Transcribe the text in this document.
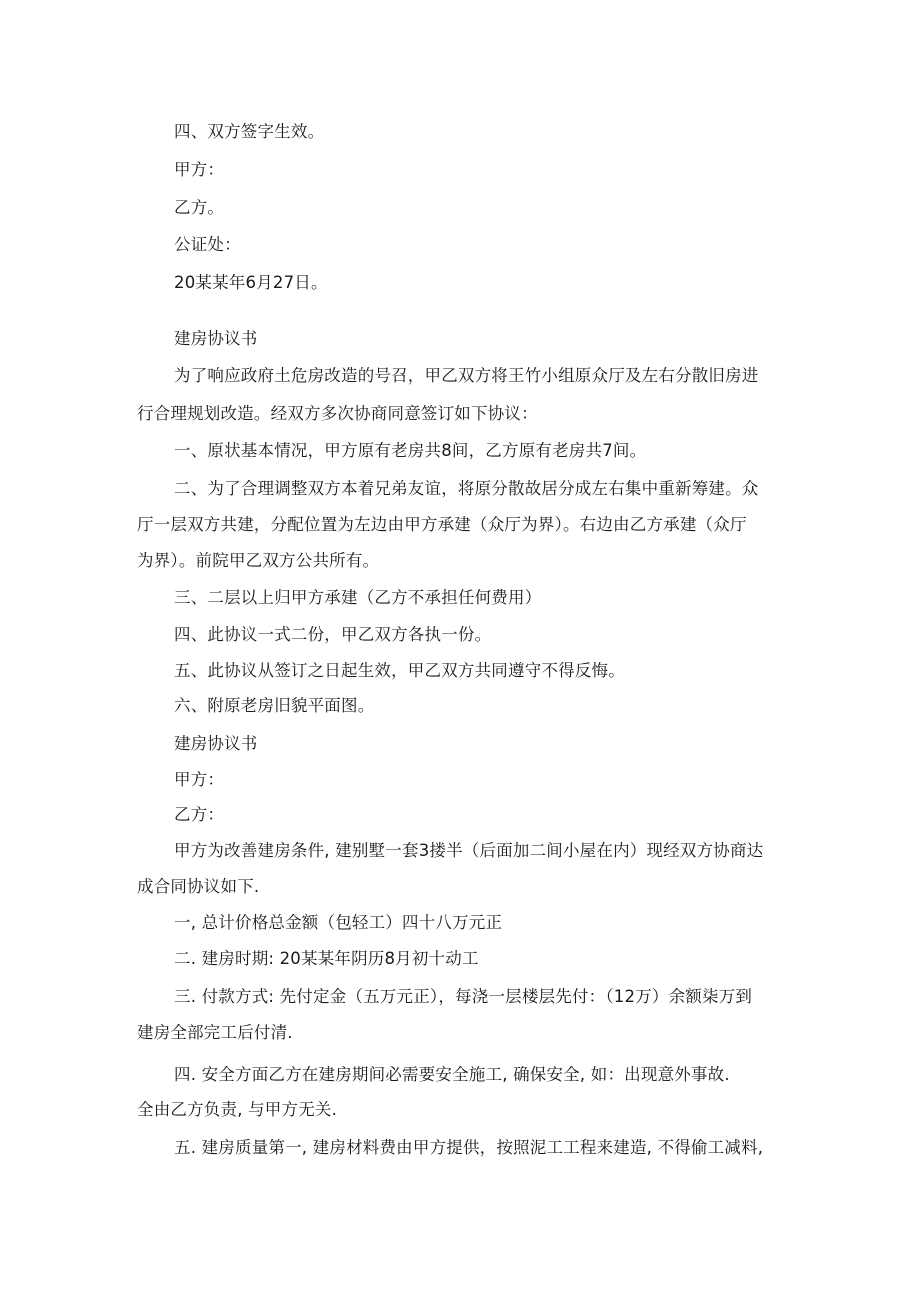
四、双方签字生效。
甲方：
乙方。
公证处：
20某某年6月27日。
建房协议书
为了响应政府土危房改造的号召，甲乙双方将王竹小组原众厅及左右分散旧房进
行合理规划改造。经双方多次协商同意签订如下协议：
一、原状基本情况，甲方原有老房共8间，乙方原有老房共7间。
二、为了合理调整双方本着兄弟友谊，将原分散故居分成左右集中重新筹建。众
厅一层双方共建，分配位置为左边由甲方承建（众厅为界）。右边由乙方承建（众厅
为界）。前院甲乙双方公共所有。
三、二层以上归甲方承建（乙方不承担任何费用）
四、此协议一式二份，甲乙双方各执一份。
五、此协议从签订之日起生效，甲乙双方共同遵守不得反悔。
六、附原老房旧貌平面图。
建房协议书
甲方：
乙方：
甲方为改善建房条件, 建别墅一套3搂半（后面加二间小屋在内）现经双方协商达
成合同协议如下.
一, 总计价格总金额（包轻工）四十八万元正
二. 建房时期: 20某某年阴历8月初十动工
三. 付款方式: 先付定金（五万元正），每浇一层楼层先付：（12万）余额柒万到
建房全部完工后付清.
四. 安全方面乙方在建房期间必需要安全施工, 确保安全, 如：出现意外事故.
全由乙方负责, 与甲方无关.
五. 建房质量第一, 建房材料费由甲方提供，按照泥工工程来建造, 不得偷工减料,
